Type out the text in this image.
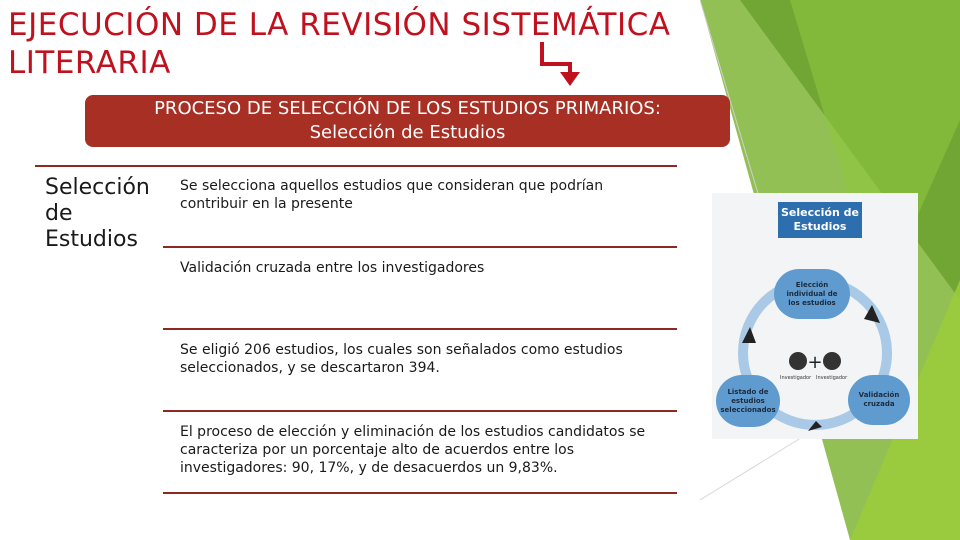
EJECUCIÓN DE LA REVISIÓN SISTEMÁTICA LITERARIA
PROCESO DE SELECCIÓN DE LOS ESTUDIOS PRIMARIOS:
Selección de Estudios
Selección de Estudios
Se selecciona aquellos estudios que consideran que podrían contribuir en la presente
Validación cruzada entre los investigadores
Se eligió 206 estudios, los cuales son señalados como estudios seleccionados, y se descartaron 394.
El proceso de elección y eliminación de los estudios candidatos se caracteriza por un porcentaje alto de acuerdos entre los investigadores: 90, 17%, y de desacuerdos un 9,83%.
+
Selección de Estudios
Elección individual de los estudios
Validación cruzada
Listado de estudios seleccionados
Investigador Investigador
